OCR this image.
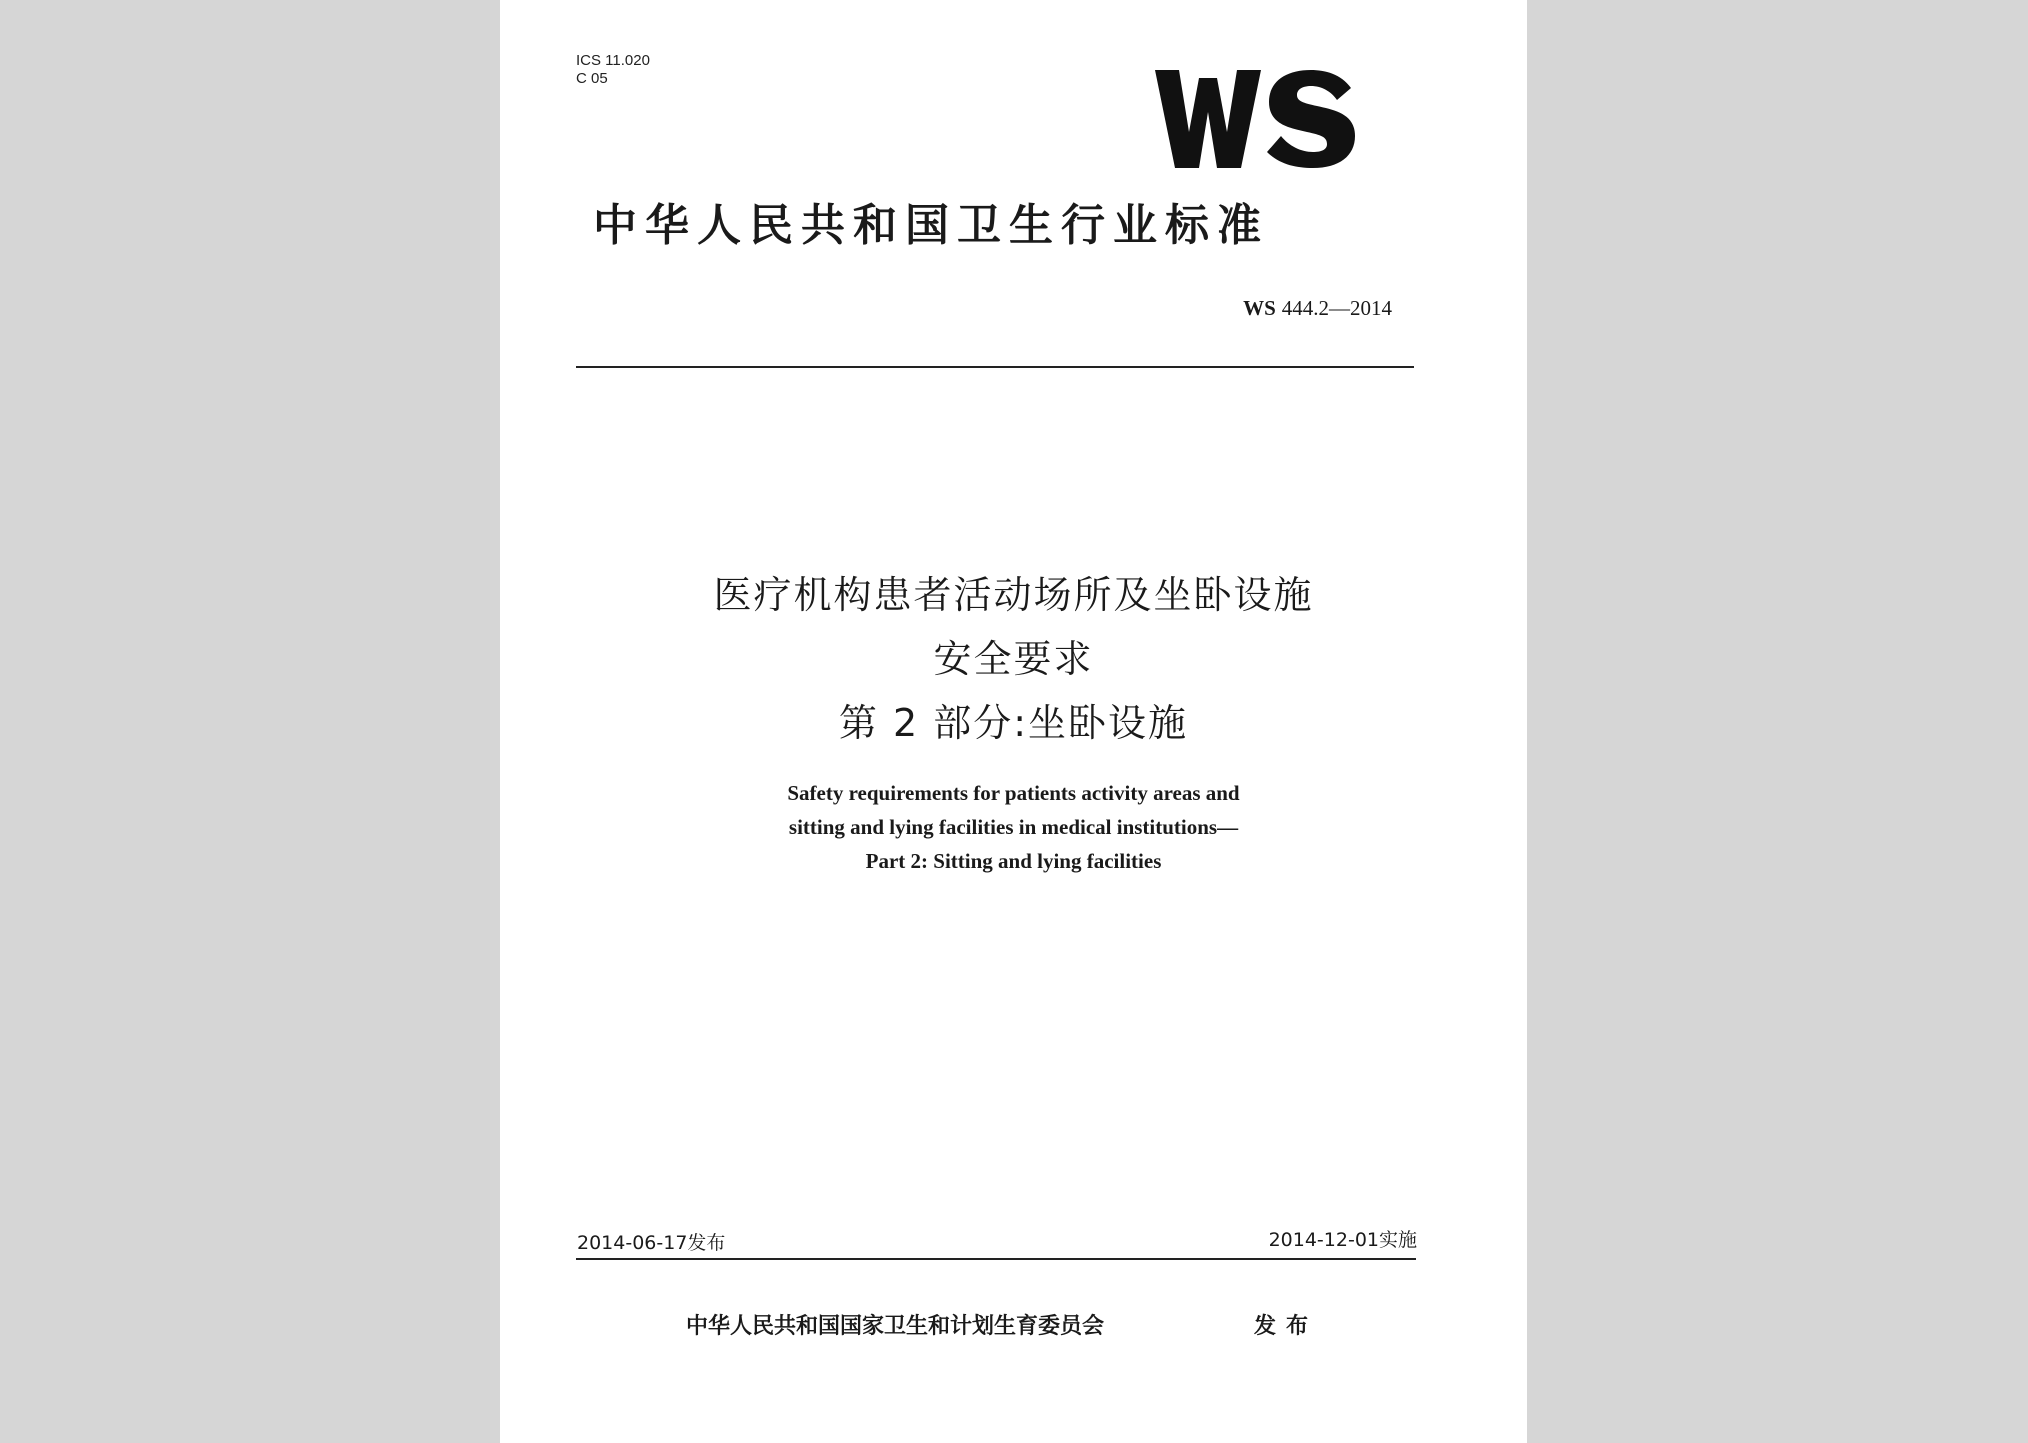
ICS 11.020
C 05
中华人民共和国卫生行业标准
WS 444.2—2014
医疗机构患者活动场所及坐卧设施
安全要求
第 2 部分:坐卧设施
Safety requirements for patients activity areas and
sitting and lying facilities in medical institutions—
Part 2: Sitting and lying facilities
2014-06-17发布	2014-12-01实施
中华人民共和国国家卫生和计划生育委员会	发布
